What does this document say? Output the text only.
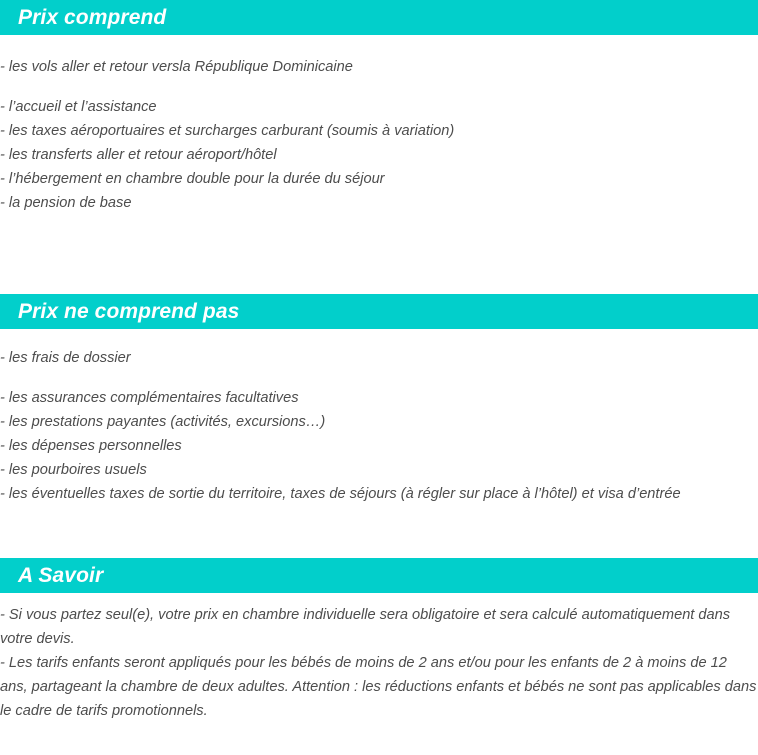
Prix comprend

- les vols aller et retour versla République Dominicaine

- l’accueil et l’assistance

- les taxes aéroportuaires et surcharges carburant (soumis à variation)

- les transferts aller et retour aéroport/hôtel

- l’hébergement en chambre double pour la durée du séjour

- la pension de base

Prix ne comprend pas

- les frais de dossier

- les assurances complémentaires facultatives

- les prestations payantes (activités, excursions…)

- les dépenses personnelles

- les pourboires usuels

- les éventuelles taxes de sortie du territoire, taxes de séjours (à régler sur place à l’hôtel) et visa d’entrée

A Savoir

- Si vous partez seul(e), votre prix en chambre individuelle sera obligatoire et sera calculé automatiquement dans votre devis.

- Les tarifs enfants seront appliqués pour les bébés de moins de 2 ans et/ou pour les enfants de 2 à moins de 12 ans, partageant la chambre de deux adultes. Attention : les réductions enfants et bébés ne sont pas applicables dans le cadre de tarifs promotionnels.
